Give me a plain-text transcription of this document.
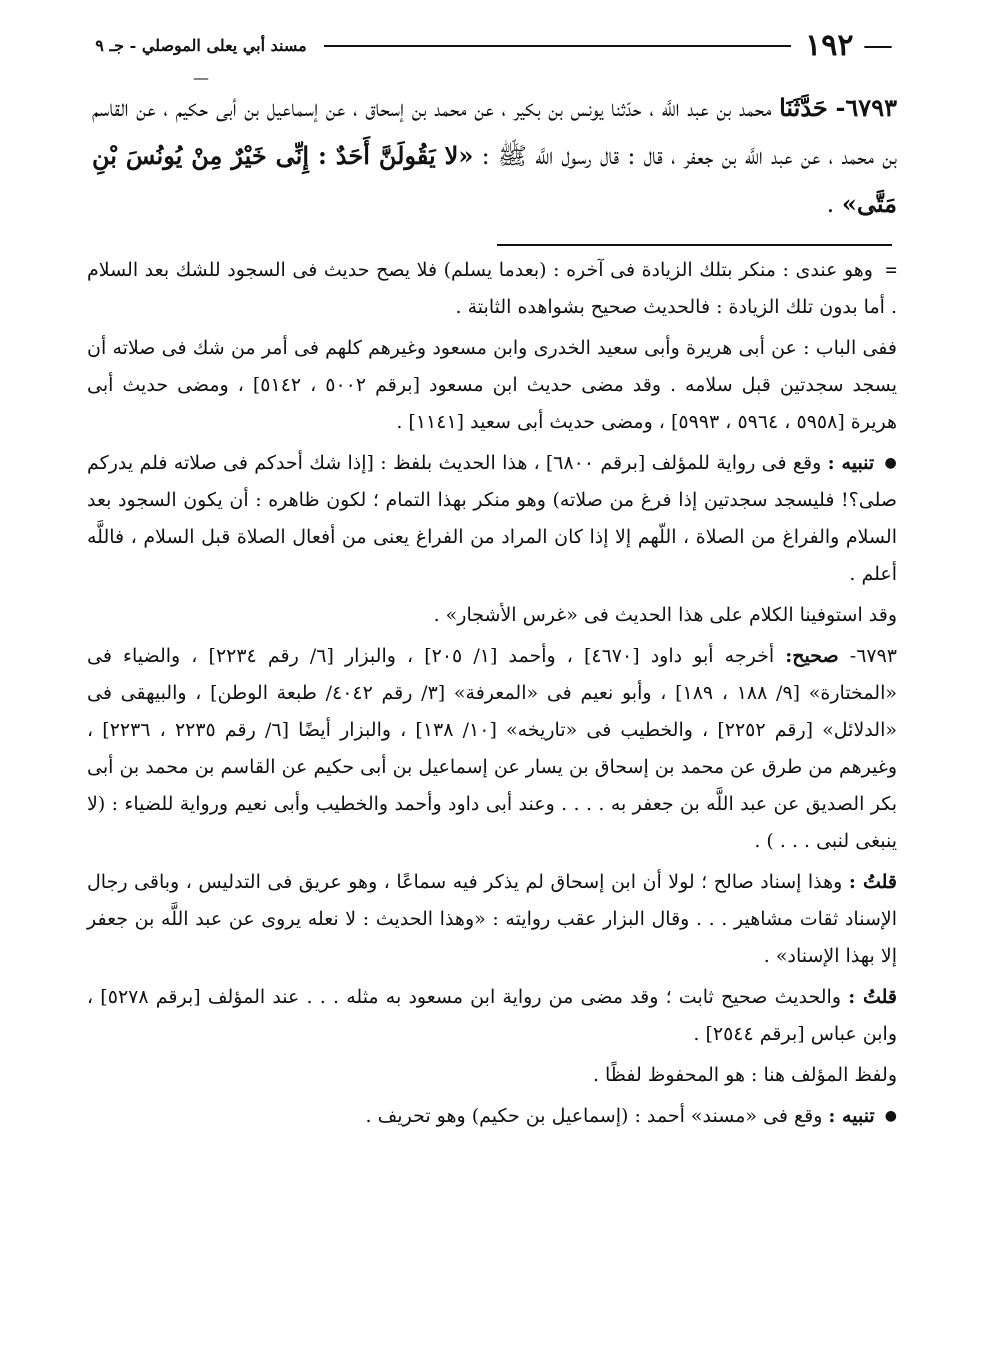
— ١٩٢
مسند أبي يعلى الموصلي - جـ ٩ —
٦٧٩٣- حَدَّثَنَا محمد بن عبد اللَّه ، حدّثنا يونس بن بكير ، عن محمد بن إسحاق ، عن إسماعيل بن أبى حكيم ، عن القاسم بن محمد ، عن عبد اللَّه بن جعفر ، قال : قال رسول اللَّه ﷺ : «لا يَقُولَنَّ أَحَدٌ : إِنِّى خَيْرٌ مِنْ يُونُسَ بْنِ مَتَّى» .

= وهو عندى : منكر بتلك الزيادة فى آخره : (بعدما يسلم) فلا يصح حديث فى السجود للشك بعد السلام . أما بدون تلك الزيادة : فالحديث صحيح بشواهده الثابتة .

ففى الباب : عن أبى هريرة وأبى سعيد الخدرى وابن مسعود وغيرهم كلهم فى أمر من شك فى صلاته أن يسجد سجدتين قبل سلامه . وقد مضى حديث ابن مسعود [برقم ٥٠٠٢ ، ٥١٤٢] ، ومضى حديث أبى هريرة [٥٩٥٨ ، ٥٩٦٤ ، ٥٩٩٣] ، ومضى حديث أبى سعيد [١١٤١] .

● تنبيه : وقع فى رواية للمؤلف [برقم ٦٨٠٠] ، هذا الحديث بلفظ : [إذا شك أحدكم فى صلاته فلم يدركم صلى؟! فليسجد سجدتين إذا فرغ من صلاته) وهو منكر بهذا التمام ؛ لكون ظاهره : أن يكون السجود بعد السلام والفراغ من الصلاة ، اللّهم إلا إذا كان المراد من الفراغ يعنى من أفعال الصلاة قبل السلام ، فاللَّه أعلم .

وقد استوفينا الكلام على هذا الحديث فى «غرس الأشجار» .

٦٧٩٣- صحيح: أخرجه أبو داود [٤٦٧٠] ، وأحمد [١/ ٢٠٥] ، والبزار [٦/ رقم ٢٢٣٤] ، والضياء فى «المختارة» [٩/ ١٨٨ ، ١٨٩] ، وأبو نعيم فى «المعرفة» [٣/ رقم ٤٠٤٢/ طبعة الوطن] ، والبيهقى فى «الدلائل» [رقم ٢٢٥٢] ، والخطيب فى «تاريخه» [١٠/ ١٣٨] ، والبزار أيضًا [٦/ رقم ٢٢٣٥ ، ٢٢٣٦] ، وغيرهم من طرق عن محمد بن إسحاق بن يسار عن إسماعيل بن أبى حكيم عن القاسم بن محمد بن أبى بكر الصديق عن عبد اللَّه بن جعفر به . . . . وعند أبى داود وأحمد والخطيب وأبى نعيم ورواية للضياء : (لا ينبغى لنبى . . . ) .

قلتُ : وهذا إسناد صالح ؛ لولا أن ابن إسحاق لم يذكر فيه سماعًا ، وهو عريق فى التدليس ، وباقى رجال الإسناد ثقات مشاهير . . . وقال البزار عقب روايته : «وهذا الحديث : لا نعله يروى عن عبد اللَّه بن جعفر إلا بهذا الإسناد» .

قلتُ : والحديث صحيح ثابت ؛ وقد مضى من رواية ابن مسعود به مثله . . . عند المؤلف [برقم ٥٢٧٨] ، وابن عباس [برقم ٢٥٤٤] .

ولفظ المؤلف هنا : هو المحفوظ لفظًا .

● تنبيه : وقع فى «مسند» أحمد : (إسماعيل بن حكيم) وهو تحريف .
